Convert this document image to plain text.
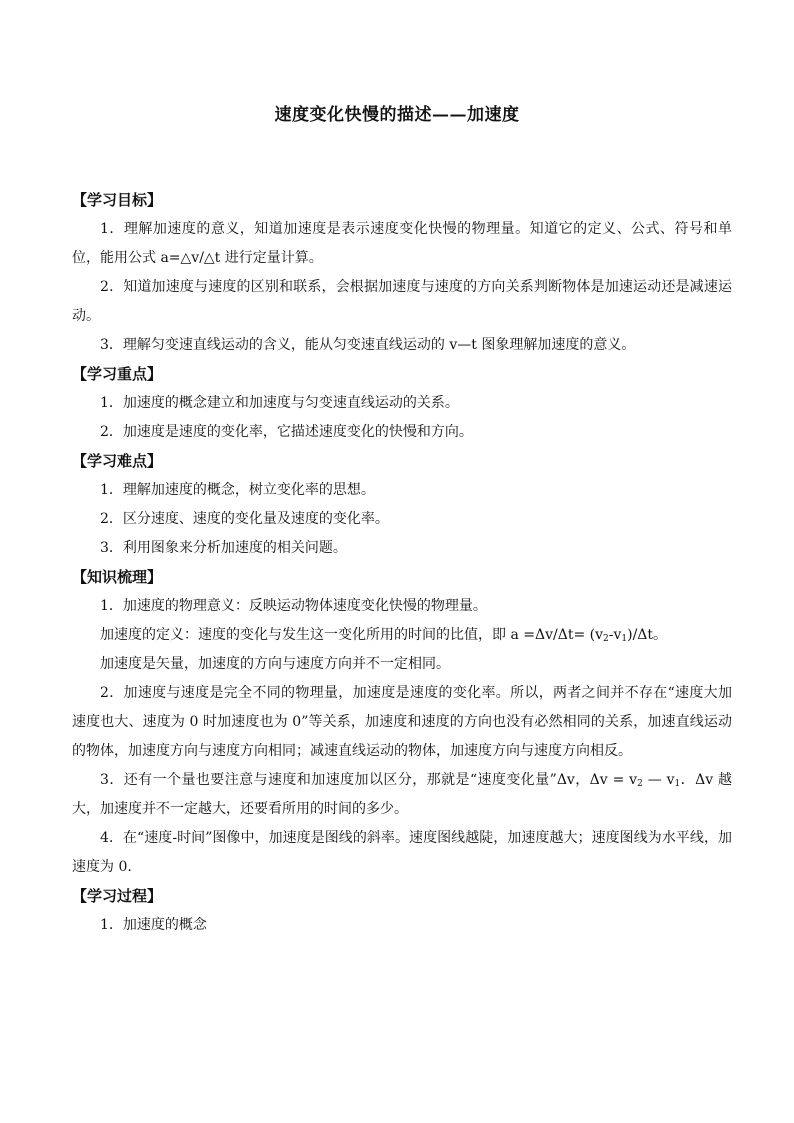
速度变化快慢的描述——加速度

【学习目标】

1．理解加速度的意义，知道加速度是表示速度变化快慢的物理量。知道它的定义、公式、符号和单位，能用公式 a=△v/△t 进行定量计算。

2．知道加速度与速度的区别和联系，会根据加速度与速度的方向关系判断物体是加速运动还是减速运动。

3．理解匀变速直线运动的含义，能从匀变速直线运动的 v—t 图象理解加速度的意义。

【学习重点】

1．加速度的概念建立和加速度与匀变速直线运动的关系。

2．加速度是速度的变化率，它描述速度变化的快慢和方向。

【学习难点】

1．理解加速度的概念，树立变化率的思想。

2．区分速度、速度的变化量及速度的变化率。

3．利用图象来分析加速度的相关问题。

【知识梳理】

1．加速度的物理意义：反映运动物体速度变化快慢的物理量。

加速度的定义：速度的变化与发生这一变化所用的时间的比值，即 $a =\Delta v/\Delta t= (v_2-v_1)/\Delta t$。

加速度是矢量，加速度的方向与速度方向并不一定相同。

2．加速度与速度是完全不同的物理量，加速度是速度的变化率。所以，两者之间并不存在“速度大加速度也大、速度为 0 时加速度也为 0”等关系，加速度和速度的方向也没有必然相同的关系，加速直线运动的物体，加速度方向与速度方向相同；减速直线运动的物体，加速度方向与速度方向相反。

3．还有一个量也要注意与速度和加速度加以区分，那就是“速度变化量”Δv，$\Delta v = v_2$ — $v_1$．Δv 越大，加速度并不一定越大，还要看所用的时间的多少。

4．在“速度-时间”图像中，加速度是图线的斜率。速度图线越陡，加速度越大；速度图线为水平线，加速度为 0.

【学习过程】

1．加速度的概念
